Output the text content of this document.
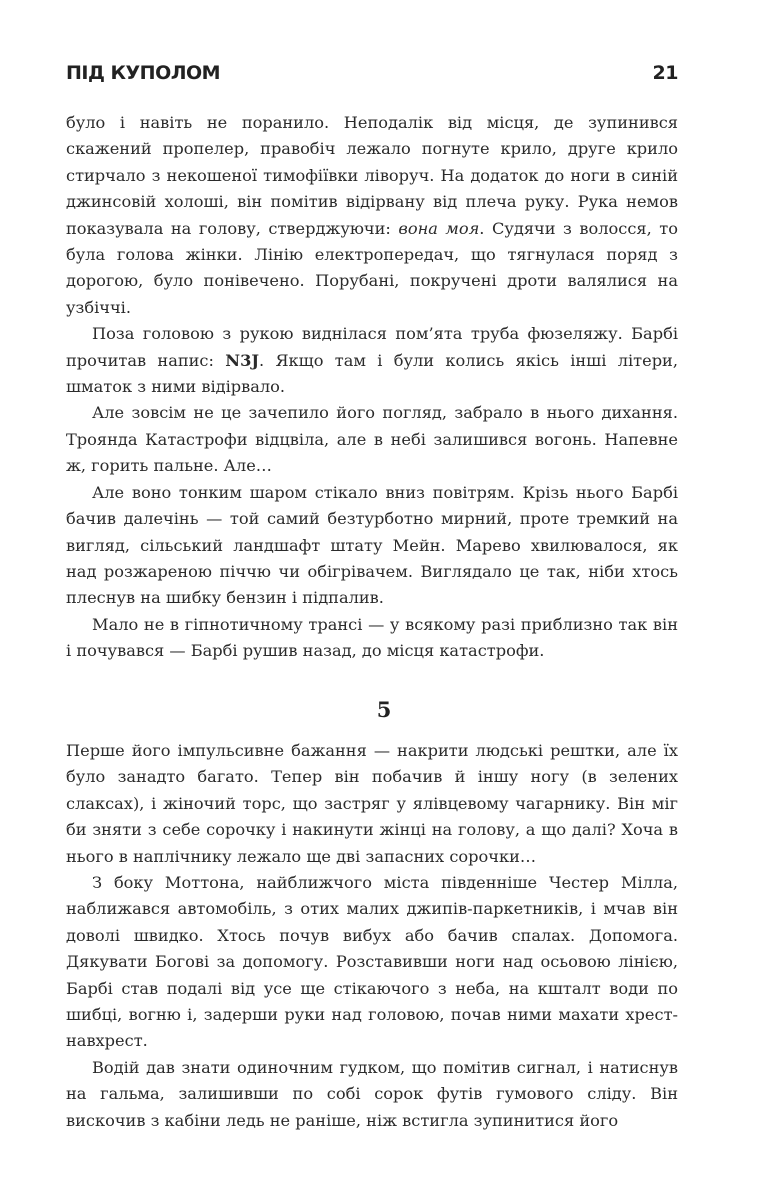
ПІД КУПОЛОМ	21

було і навіть не поранило. Неподалік від місця, де зупинився скажений пропелер, правобіч лежало погнуте крило, друге крило стирчало з некошеної тимофіївки ліворуч. На додаток до ноги в синій джинсовій холоші, він помітив відірвану від плеча руку. Рука немов показувала на голову, стверджуючи: вона моя. Судячи з волосся, то була голова жінки. Лінію електропередач, що тягнулася поряд з дорогою, було понівечено. Порубані, покручені дроти валялися на узбіччі.

Поза головою з рукою виднілася пом’ята труба фюзеляжу. Барбі прочитав напис: N3J. Якщо там і були колись якісь інші літери, шматок з ними відірвало.

Але зовсім не це зачепило його погляд, забрало в нього дихання. Троянда Катастрофи відцвіла, але в небі залишився вогонь. Напевне ж, горить пальне. Але…

Але воно тонким шаром стікало вниз повітрям. Крізь нього Барбі бачив далечінь — той самий безтурботно мирний, проте тремкий на вигляд, сільський ландшафт штату Мейн. Марево хвилювалося, як над розжареною піччю чи обігрівачем. Виглядало це так, ніби хтось плеснув на шибку бензин і підпалив.

Мало не в гіпнотичному трансі — у всякому разі приблизно так він і почувався — Барбі рушив назад, до місця катастрофи.

5

Перше його імпульсивне бажання — накрити людські рештки, але їх було занадто багато. Тепер він побачив й іншу ногу (в зелених слаксах), і жіночий торс, що застряг у ялівцевому чагарнику. Він міг би зняти з себе сорочку і накинути жінці на голову, а що далі? Хоча в нього в наплічнику лежало ще дві запасних сорочки…

З боку Моттона, найближчого міста південніше Честер Мілла, наближався автомобіль, з отих малих джипів-паркетників, і мчав він доволі швидко. Хтось почув вибух або бачив спалах. Допомога. Дякувати Богові за допомогу. Розставивши ноги над осьовою лінією, Барбі став подалі від усе ще стікаючого з неба, на кшталт води по шибці, вогню і, задерши руки над головою, почав ними махати хрест-навхрест.

Водій дав знати одиночним гудком, що помітив сигнал, і натиснув на гальма, залишивши по собі сорок футів гумового сліду. Він вискочив з кабіни ледь не раніше, ніж встигла зупинитися його
